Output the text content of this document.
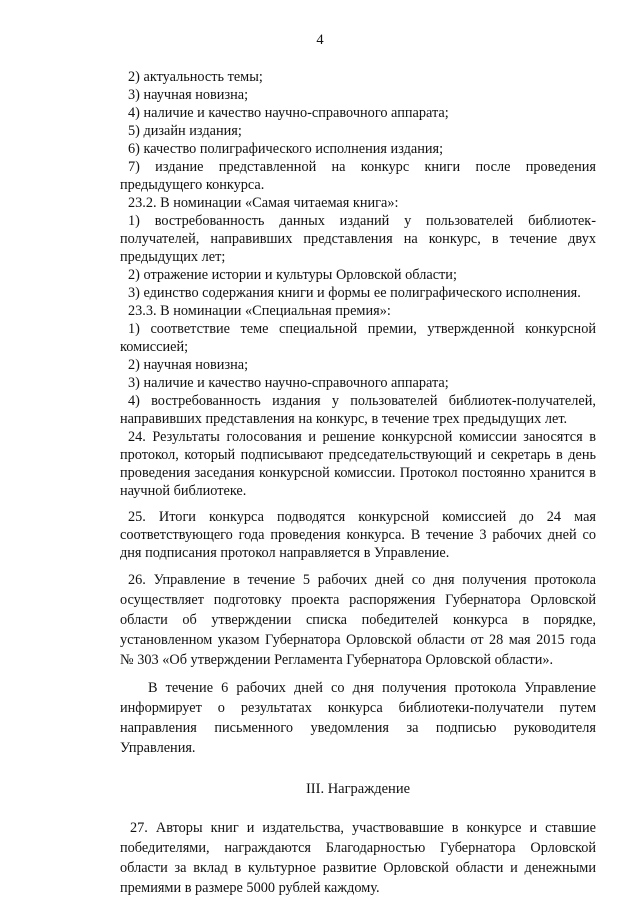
4

2) актуальность темы;

3) научная новизна;

4) наличие и качество научно-справочного аппарата;

5) дизайн издания;

6) качество полиграфического исполнения издания;

7) издание представленной на конкурс книги после проведения предыдущего конкурса.

23.2. В номинации «Самая читаемая книга»:

1) востребованность данных изданий у пользователей библиотек-получателей, направивших представления на конкурс, в течение двух предыдущих лет;

2) отражение истории и культуры Орловской области;

3) единство содержания книги и формы ее полиграфического исполнения.

23.3. В номинации «Специальная премия»:

1) соответствие теме специальной премии, утвержденной конкурсной комиссией;

2) научная новизна;

3) наличие и качество научно-справочного аппарата;

4) востребованность издания у пользователей библиотек-получателей, направивших представления на конкурс, в течение трех предыдущих лет.

24. Результаты голосования и решение конкурсной комиссии заносятся в протокол, который подписывают председательствующий и секретарь в день проведения заседания конкурсной комиссии. Протокол постоянно хранится в научной библиотеке.

25. Итоги конкурса подводятся конкурсной комиссией до 24 мая соответствующего года проведения конкурса. В течение 3 рабочих дней со дня подписания протокол направляется в Управление.

26. Управление в течение 5 рабочих дней со дня получения протокола осуществляет подготовку проекта распоряжения Губернатора Орловской области об утверждении списка победителей конкурса в порядке, установленном указом Губернатора Орловской области от 28 мая 2015 года № 303 «Об утверждении Регламента Губернатора Орловской области».

В течение 6 рабочих дней со дня получения протокола Управление информирует о результатах конкурса библиотеки-получатели путем направления письменного уведомления за подписью руководителя Управления.

III. Награждение

27. Авторы книг и издательства, участвовавшие в конкурсе и ставшие победителями, награждаются Благодарностью Губернатора Орловской области за вклад в культурное развитие Орловской области и денежными премиями в размере 5000 рублей каждому.
